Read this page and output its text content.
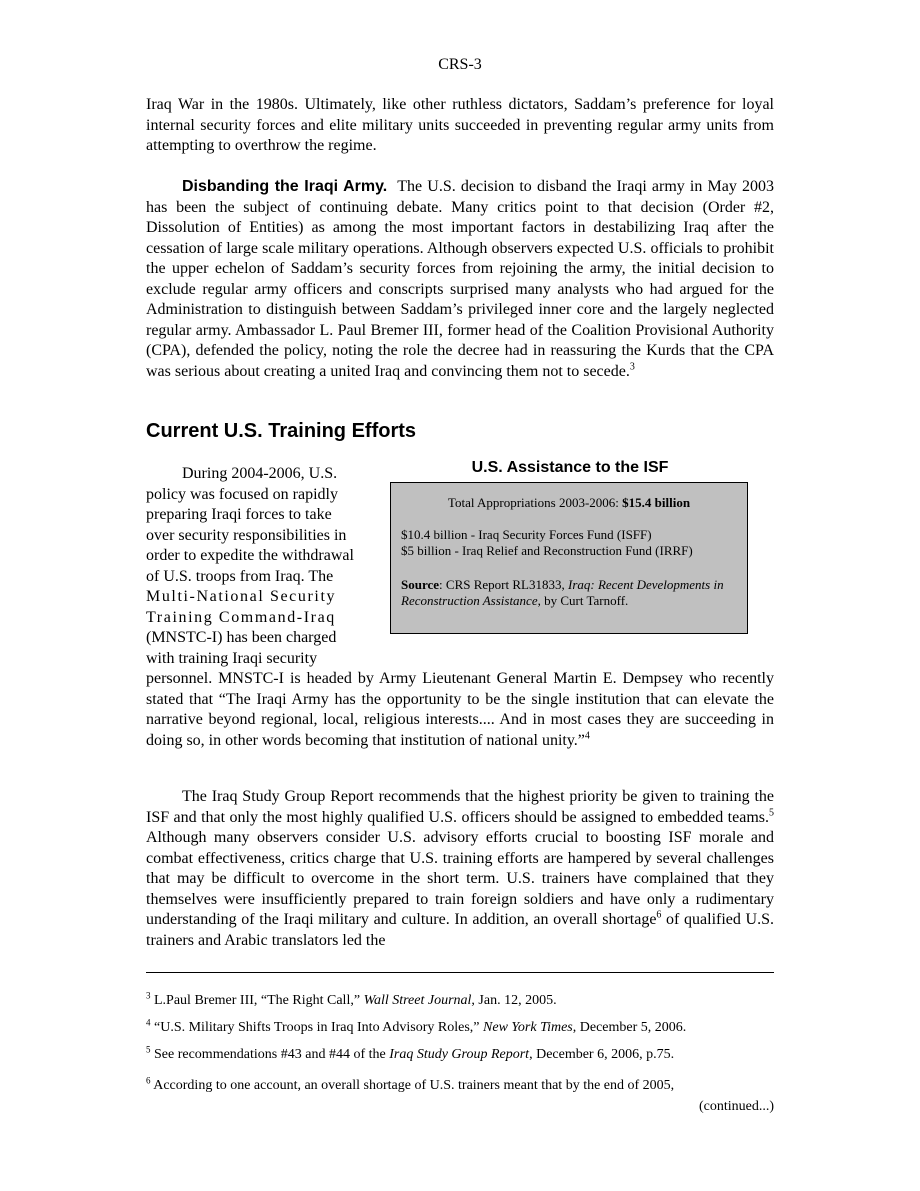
CRS-3

Iraq War in the 1980s. Ultimately, like other ruthless dictators, Saddam’s preference for loyal internal security forces and elite military units succeeded in preventing regular army units from attempting to overthrow the regime.

Disbanding the Iraqi Army. The U.S. decision to disband the Iraqi army in May 2003 has been the subject of continuing debate. Many critics point to that decision (Order #2, Dissolution of Entities) as among the most important factors in destabilizing Iraq after the cessation of large scale military operations. Although observers expected U.S. officials to prohibit the upper echelon of Saddam’s security forces from rejoining the army, the initial decision to exclude regular army officers and conscripts surprised many analysts who had argued for the Administration to distinguish between Saddam’s privileged inner core and the largely neglected regular army. Ambassador L. Paul Bremer III, former head of the Coalition Provisional Authority (CPA), defended the policy, noting the role the decree had in reassuring the Kurds that the CPA was serious about creating a united Iraq and convincing them not to secede.$^3$

Current U.S. Training Efforts
During 2004-2006, U.S.
policy was focused on rapidly
preparing Iraqi forces to take
over security responsibilities in
order to expedite the withdrawal
of U.S. troops from Iraq. The
Multi-National Security
Training Command-Iraq
(MNSTC-I) has been charged
with training Iraqi security
U.S. Assistance to the ISF
Total Appropriations 2003-2006: $15.4 billion
$10.4 billion - Iraq Security Forces Fund (ISFF)
$5 billion - Iraq Relief and Reconstruction Fund (IRRF)
Source: CRS Report RL31833, Iraq: Recent Developments in Reconstruction Assistance, by Curt Tarnoff.

personnel. MNSTC-I is headed by Army Lieutenant General Martin E. Dempsey who recently stated that “The Iraqi Army has the opportunity to be the single institution that can elevate the narrative beyond regional, local, religious interests.... And in most cases they are succeeding in doing so, in other words becoming that institution of national unity.”$^4$

The Iraq Study Group Report recommends that the highest priority be given to training the ISF and that only the most highly qualified U.S. officers should be assigned to embedded teams.$^5$ Although many observers consider U.S. advisory efforts crucial to boosting ISF morale and combat effectiveness, critics charge that U.S. training efforts are hampered by several challenges that may be difficult to overcome in the short term. U.S. trainers have complained that they themselves were insufficiently prepared to train foreign soldiers and have only a rudimentary understanding of the Iraqi military and culture. In addition, an overall shortage$^6$ of qualified U.S. trainers and Arabic translators led the

$^3$ L.Paul Bremer III, “The Right Call,” Wall Street Journal, Jan. 12, 2005.
$^4$ “U.S. Military Shifts Troops in Iraq Into Advisory Roles,” New York Times, December 5, 2006.
$^5$ See recommendations #43 and #44 of the Iraq Study Group Report, December 6, 2006, p.75.
$^6$ According to one account, an overall shortage of U.S. trainers meant that by the end of 2005,
(continued...)
